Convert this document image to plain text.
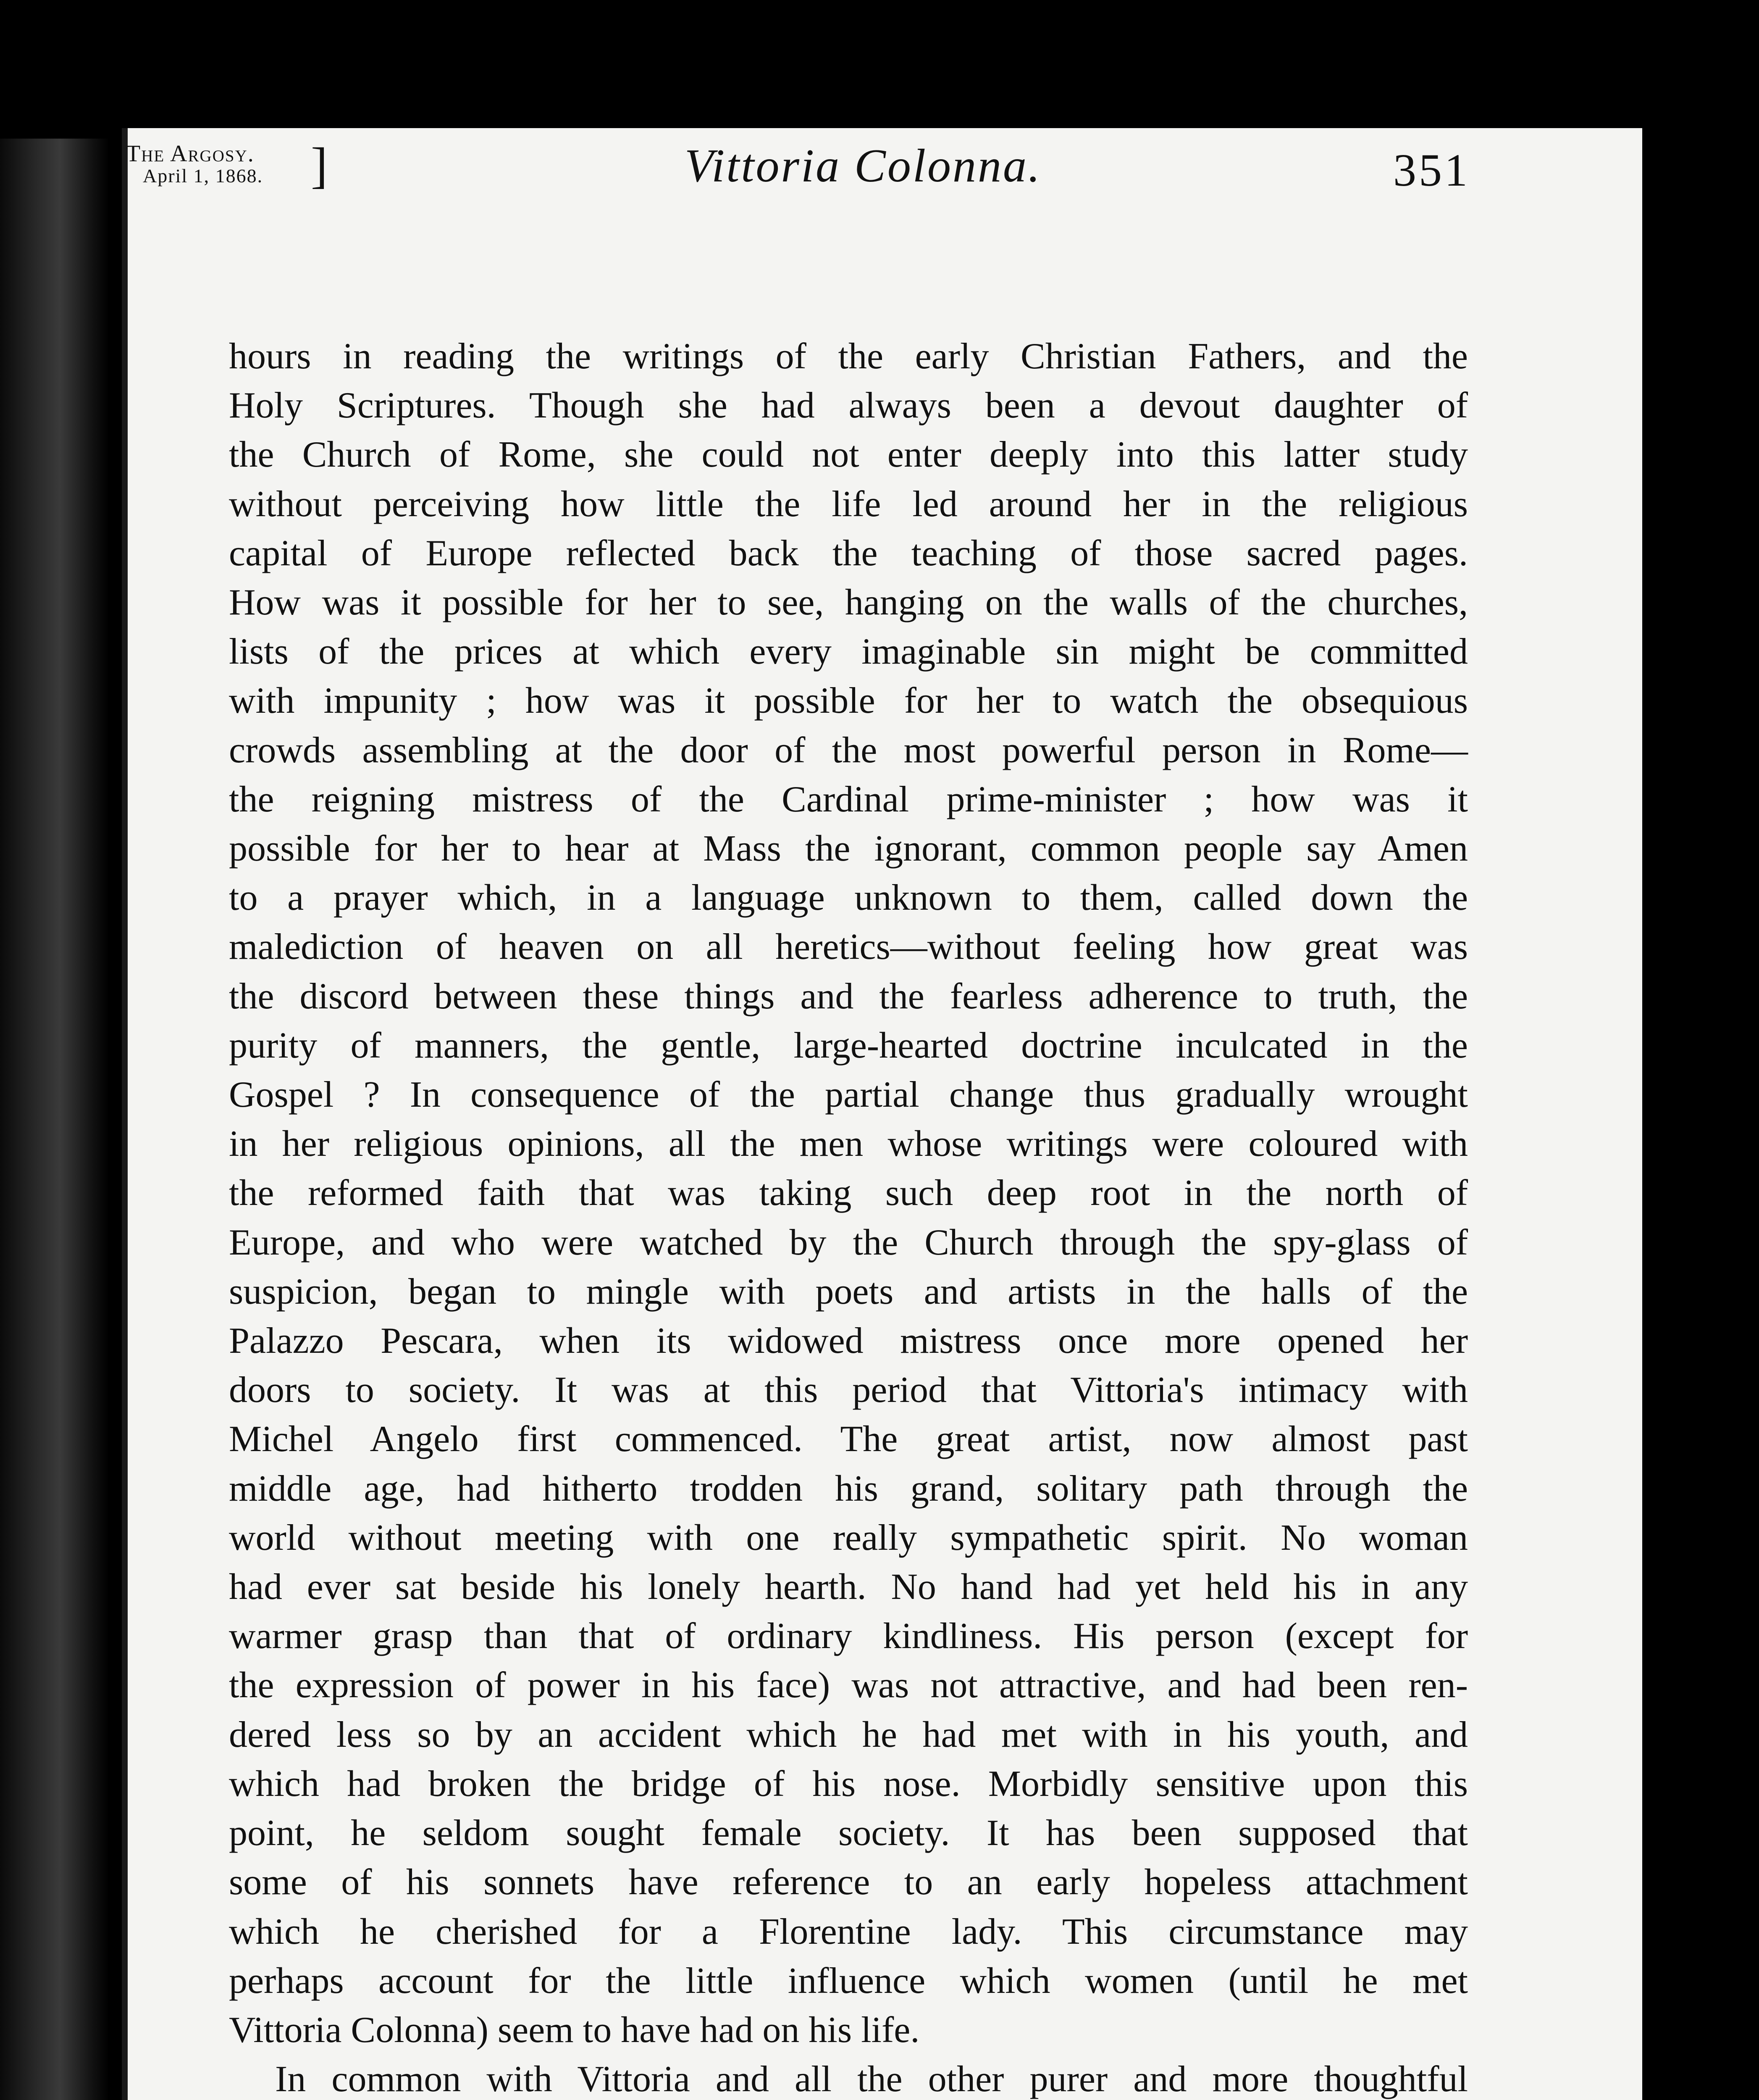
The Argosy.
April 1, 1868. ]	Vittoria Colonna.	351

hours in reading the writings of the early Christian Fathers, and the
Holy Scriptures. Though she had always been a devout daughter of
the Church of Rome, she could not enter deeply into this latter study
without perceiving how little the life led around her in the religious
capital of Europe reflected back the teaching of those sacred pages.
How was it possible for her to see, hanging on the walls of the churches,
lists of the prices at which every imaginable sin might be committed
with impunity ; how was it possible for her to watch the obsequious
crowds assembling at the door of the most powerful person in Rome—
the reigning mistress of the Cardinal prime-minister ; how was it
possible for her to hear at Mass the ignorant, common people say Amen
to a prayer which, in a language unknown to them, called down the
malediction of heaven on all heretics—without feeling how great was
the discord between these things and the fearless adherence to truth, the
purity of manners, the gentle, large-hearted doctrine inculcated in the
Gospel ? In consequence of the partial change thus gradually wrought
in her religious opinions, all the men whose writings were coloured with
the reformed faith that was taking such deep root in the north of
Europe, and who were watched by the Church through the spy-glass of
suspicion, began to mingle with poets and artists in the halls of the
Palazzo Pescara, when its widowed mistress once more opened her
doors to society. It was at this period that Vittoria's intimacy with
Michel Angelo first commenced. The great artist, now almost past
middle age, had hitherto trodden his grand, solitary path through the
world without meeting with one really sympathetic spirit. No woman
had ever sat beside his lonely hearth. No hand had yet held his in any
warmer grasp than that of ordinary kindliness. His person (except for
the expression of power in his face) was not attractive, and had been ren-
dered less so by an accident which he had met with in his youth, and
which had broken the bridge of his nose. Morbidly sensitive upon this
point, he seldom sought female society. It has been supposed that
some of his sonnets have reference to an early hopeless attachment
which he cherished for a Florentine lady. This circumstance may
perhaps account for the little influence which women (until he met
Vittoria Colonna) seem to have had on his life.

In common with Vittoria and all the other purer and more thoughtful
